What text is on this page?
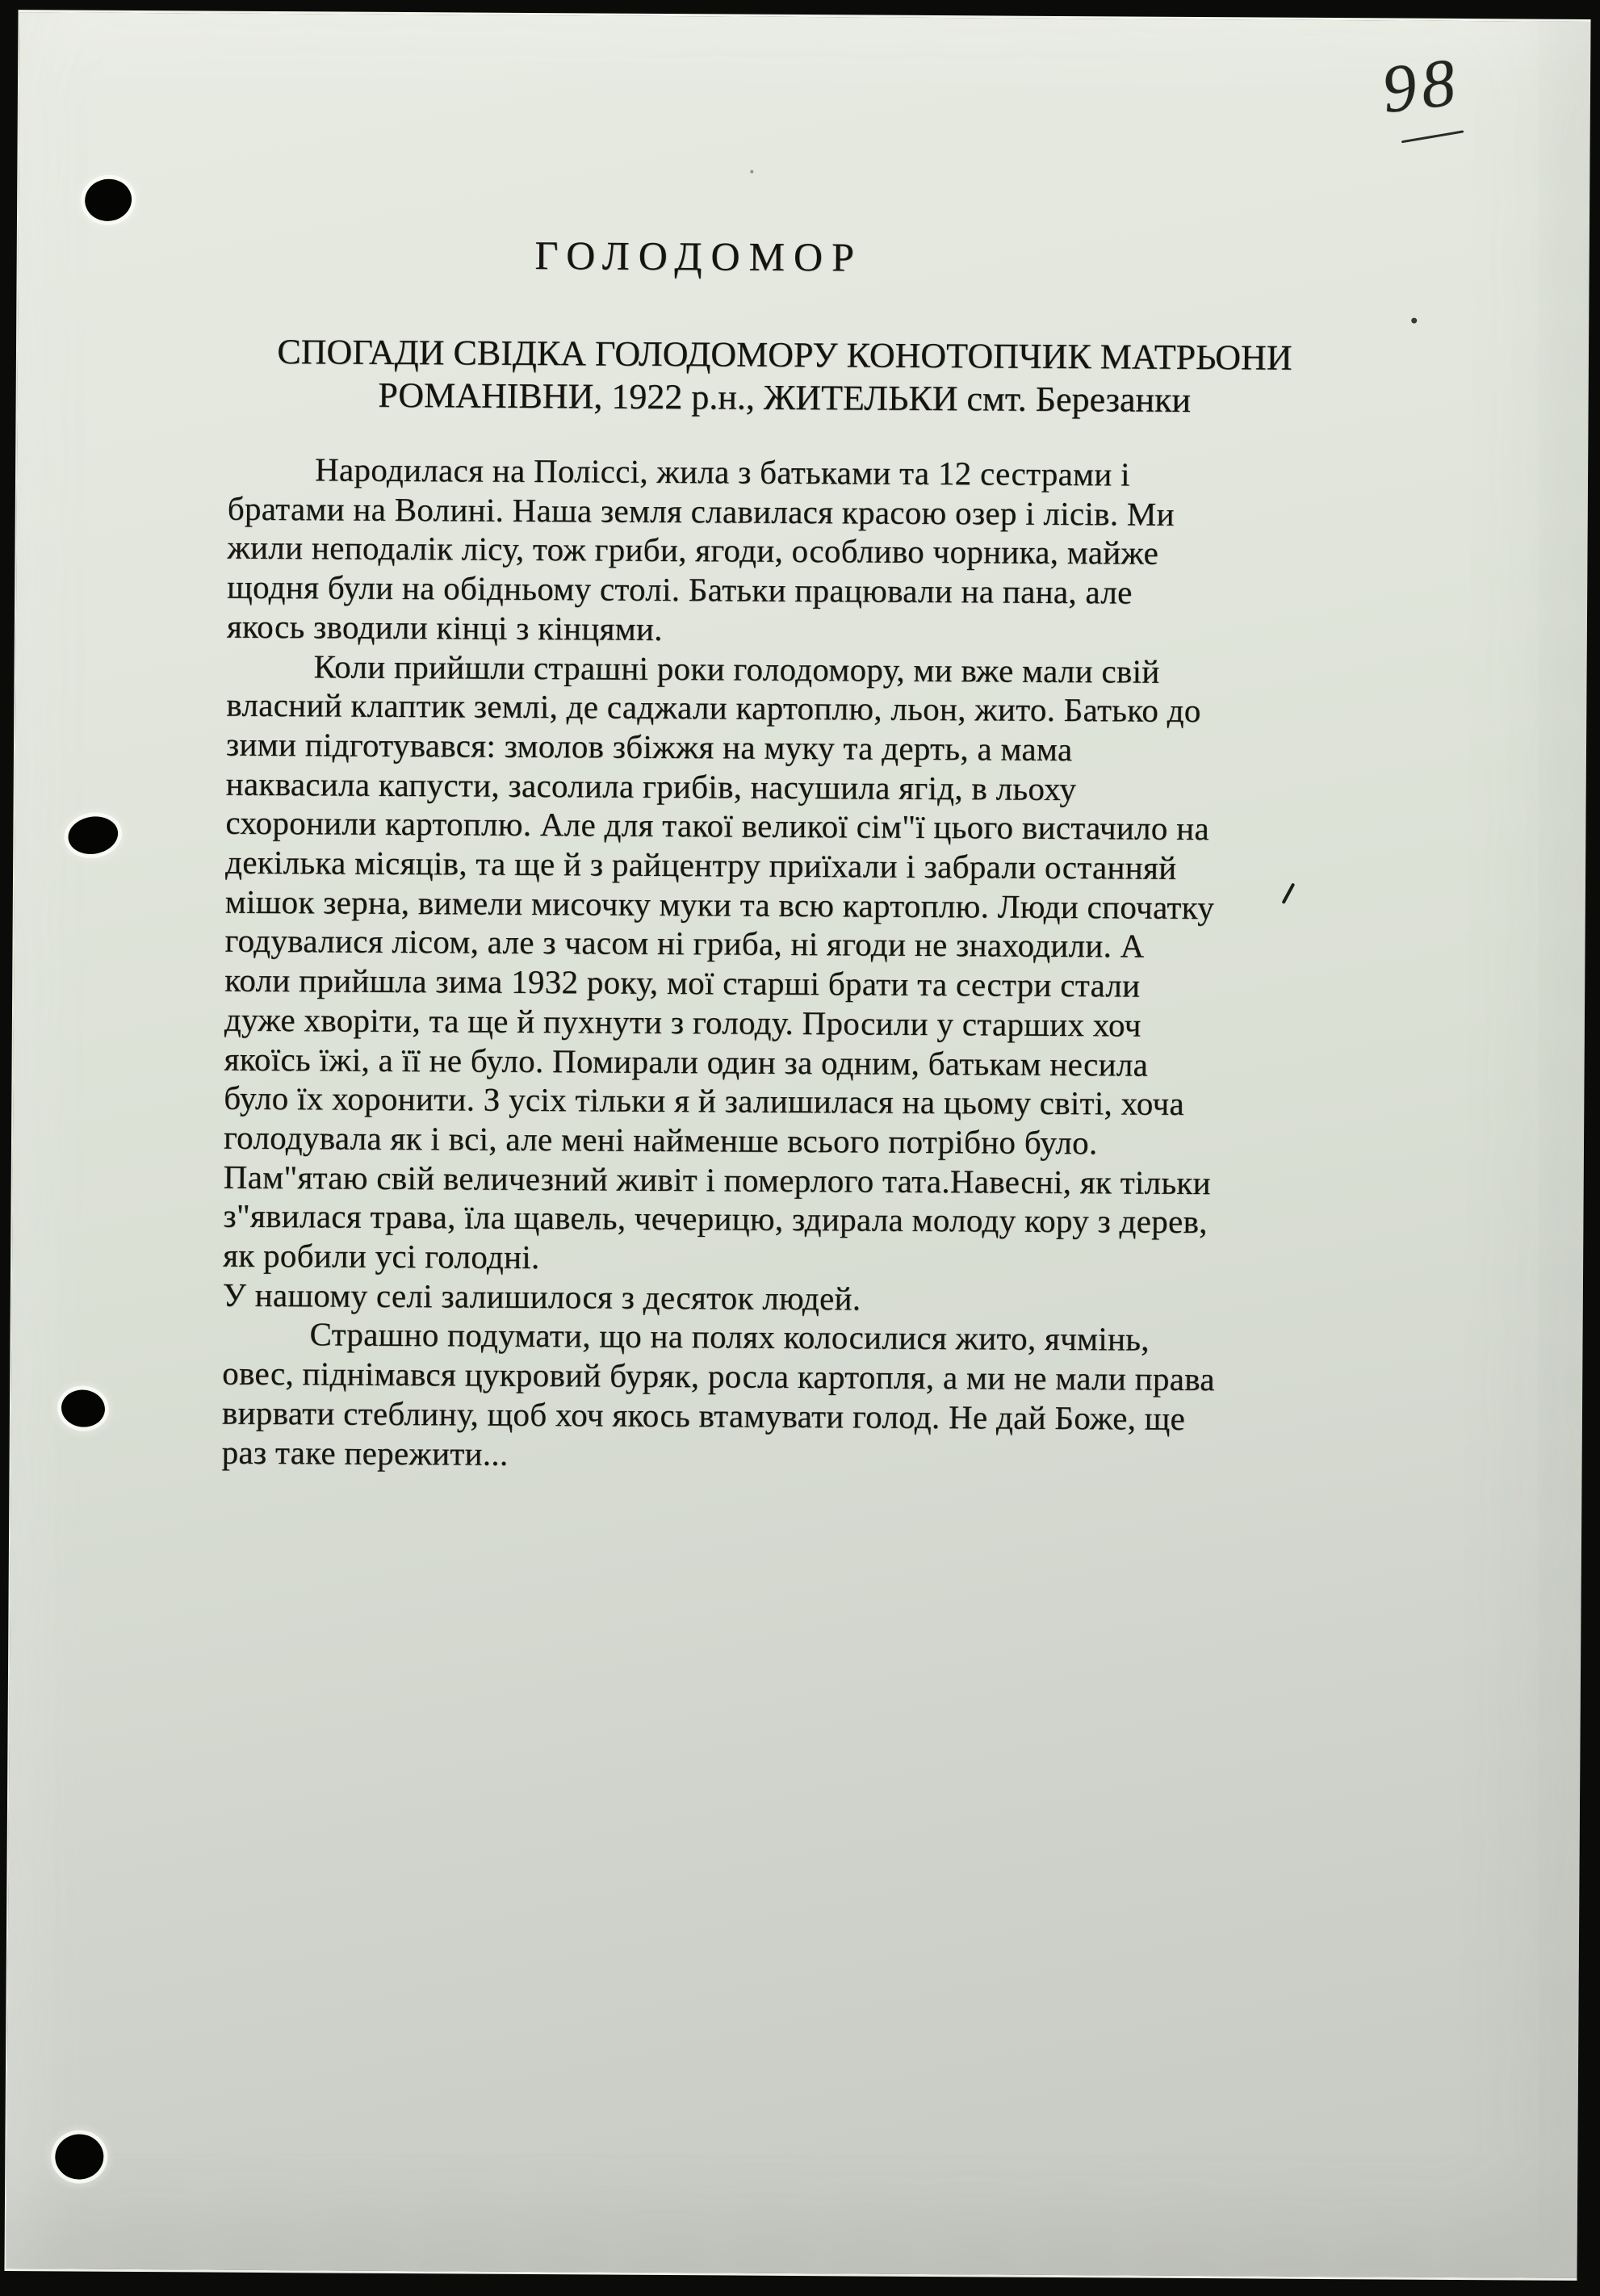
98
ГОЛОДОМОР
СПОГАДИ СВІДКА ГОЛОДОМОРУ КОНОТОПЧИК МАТРЬОНИ
РОМАНІВНИ, 1922 р.н., ЖИТЕЛЬКИ смт. Березанки
Народилася на Поліссі, жила з батьками та 12 сестрами і
братами на Волині. Наша земля славилася красою озер і лісів. Ми
жили неподалік лісу, тож гриби, ягоди, особливо чорника, майже
щодня були на обідньому столі. Батьки працювали на пана, але
якось зводили кінці з кінцями.
Коли прийшли страшні роки голодомору, ми вже мали свій
власний клаптик землі, де саджали картоплю, льон, жито. Батько до
зими підготувався: змолов збіжжя на муку та дерть, а мама
наквасила капусти, засолила грибів, насушила ягід, в льоху
схоронили картоплю. Але для такої великої сім"ї цього вистачило на
декілька місяців, та ще й з райцентру приїхали і забрали останняй
мішок зерна, вимели мисочку муки та всю картоплю. Люди спочатку
годувалися лісом, але з часом ні гриба, ні ягоди не знаходили. А
коли прийшла зима 1932 року, мої старші брати та сестри стали
дуже хворіти, та ще й пухнути з голоду. Просили у старших хоч
якоїсь їжі, а її не було. Помирали один за одним, батькам несила
було їх хоронити. З усіх тільки я й залишилася на цьому світі, хоча
голодувала як і всі, але мені найменше всього потрібно було.
Пам"ятаю свій величезний живіт і померлого тата.Навесні, як тільки
з"явилася трава, їла щавель, чечерицю, здирала молоду кору з дерев,
як робили усі голодні.
У нашому селі залишилося з десяток людей.
Страшно подумати, що на полях колосилися жито, ячмінь,
овес, піднімався цукровий буряк, росла картопля, а ми не мали права
вирвати стеблину, щоб хоч якось втамувати голод. Не дай Боже, ще
раз таке пережити...
